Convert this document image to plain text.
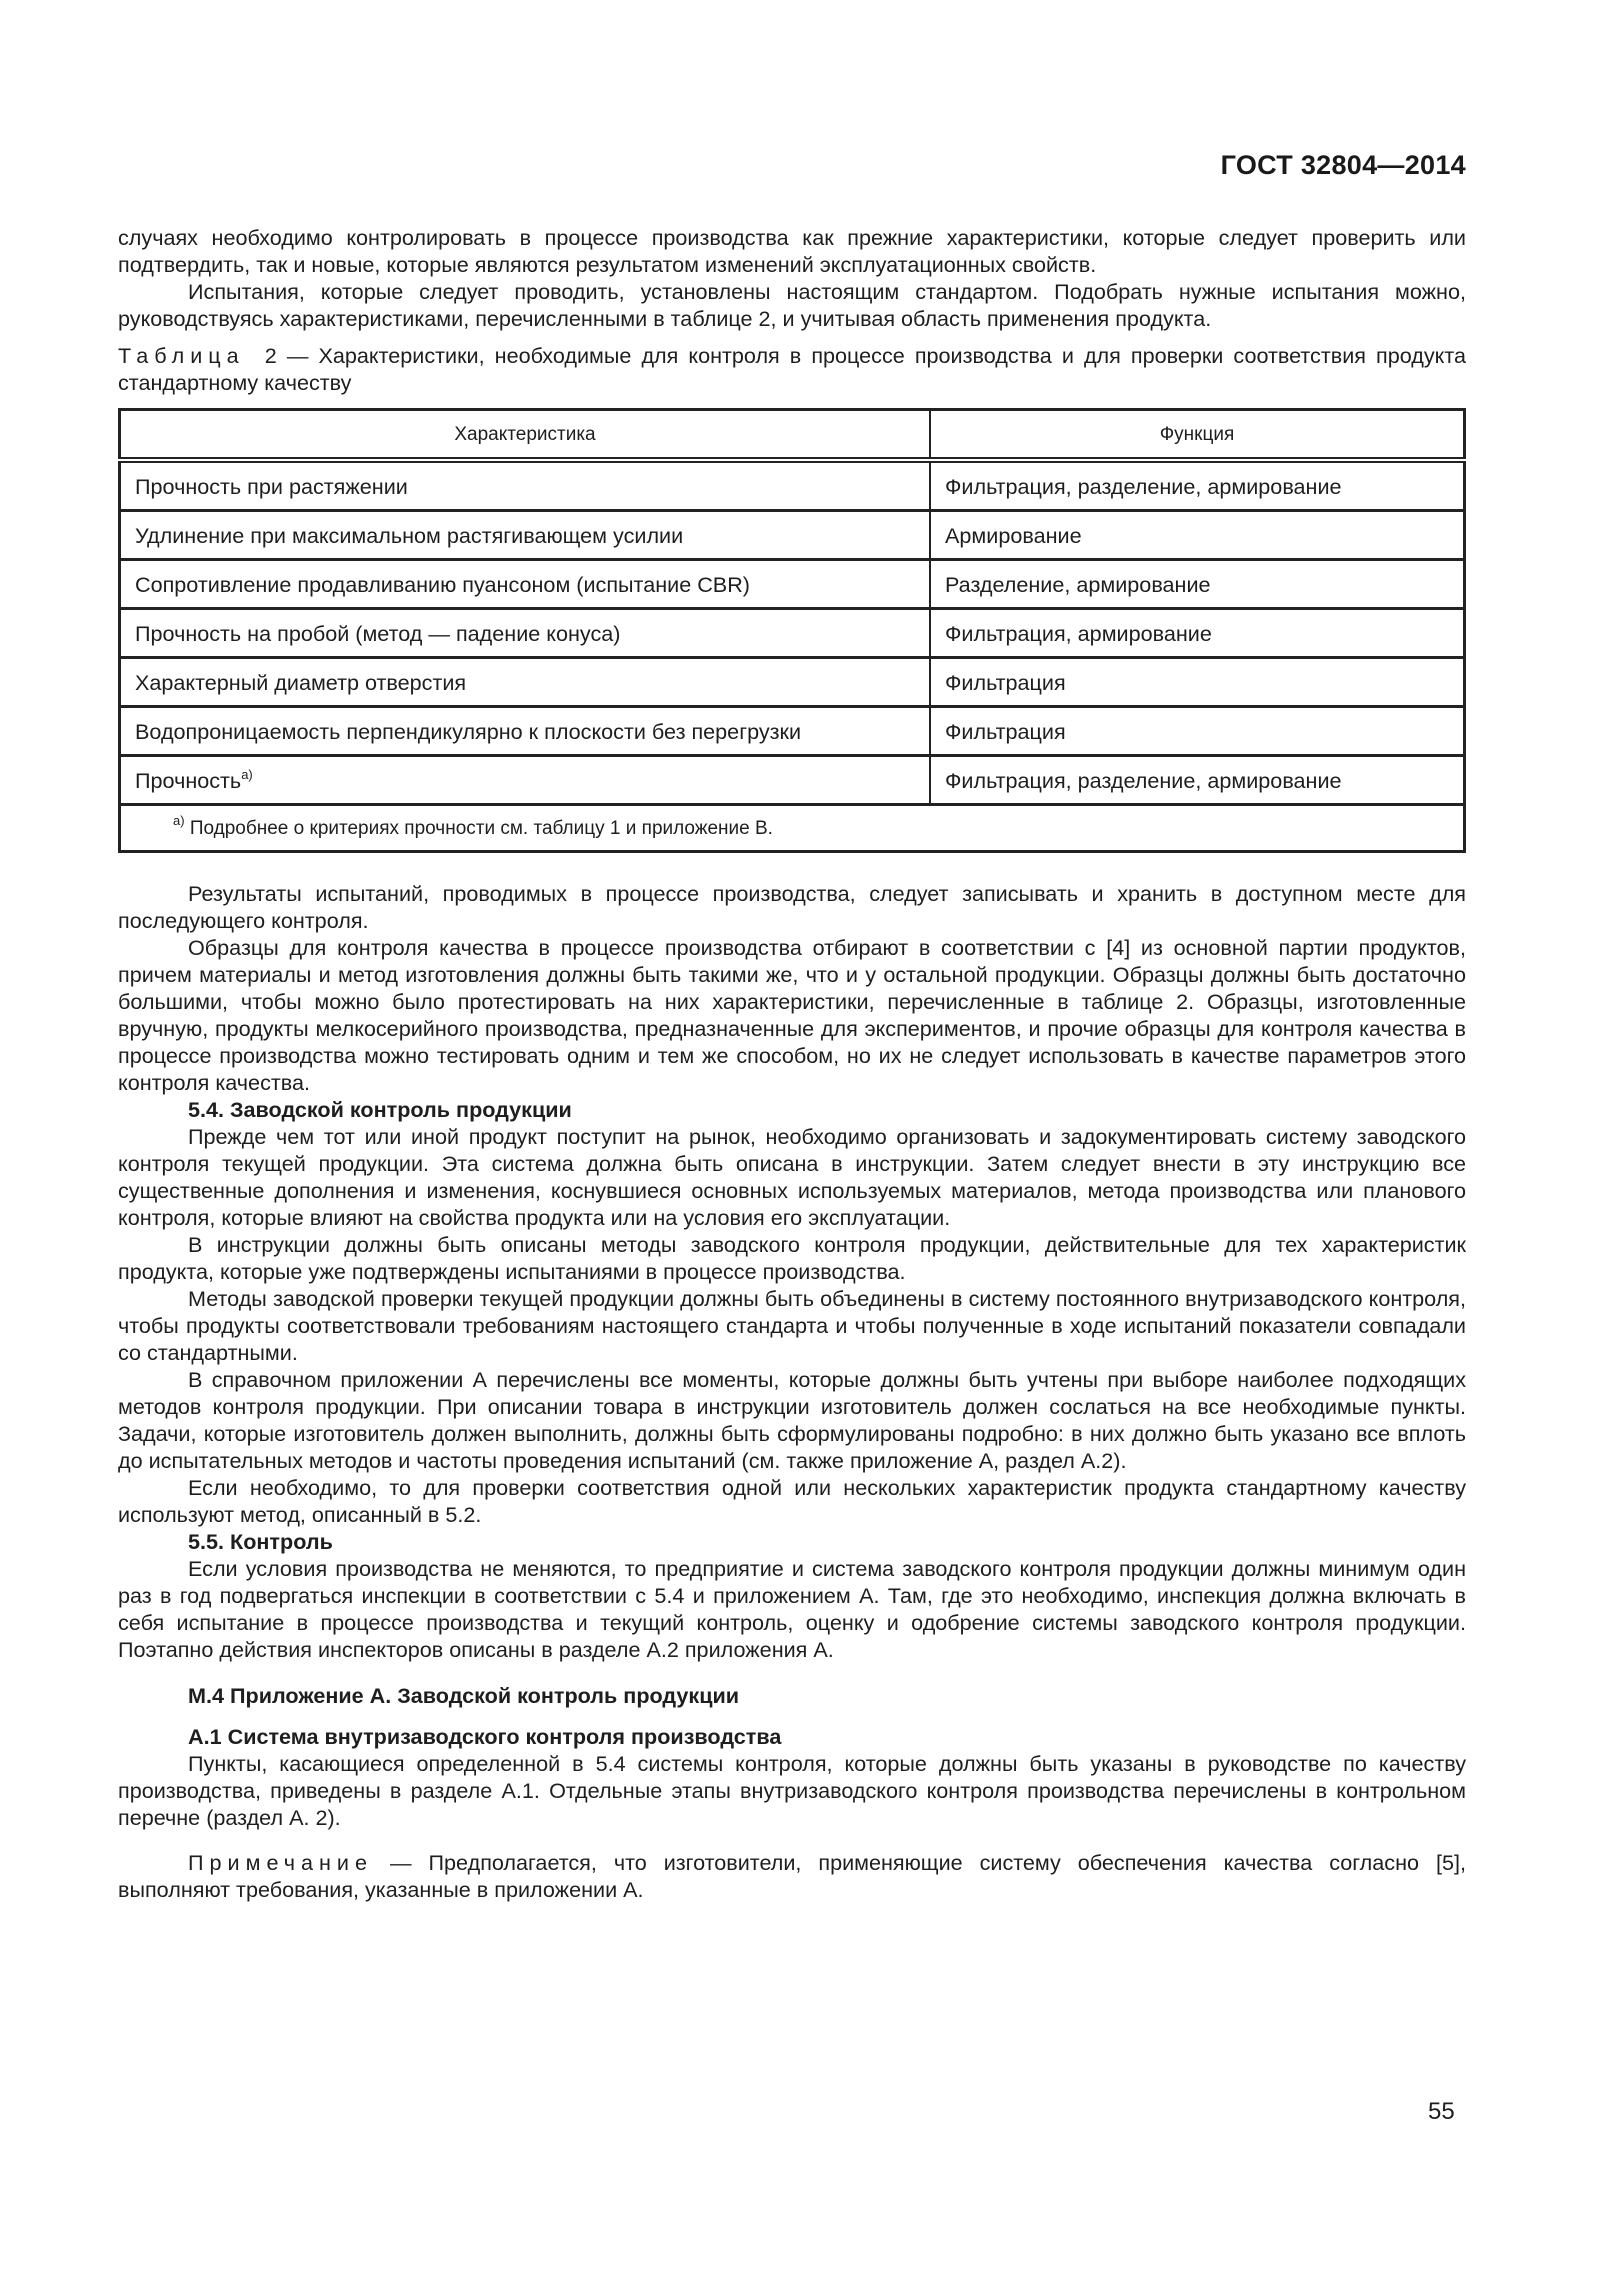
ГОСТ 32804—2014

случаях необходимо контролировать в процессе производства как прежние характеристики, которые следует проверить или подтвердить, так и новые, которые являются результатом изменений эксплуатационных свойств.

Испытания, которые следует проводить, установлены настоящим стандартом. Подобрать нужные испытания можно, руководствуясь характеристиками, перечисленными в таблице 2, и учитывая область применения продукта.

Таблица 2 — Характеристики, необходимые для контроля в процессе производства и для проверки соответствия продукта стандартному качеству
Характеристика	Функция
Прочность при растяжении	Фильтрация, разделение, армирование
Удлинение при максимальном растягивающем усилии	Армирование
Сопротивление продавливанию пуансоном (испытание CBR)	Разделение, армирование
Прочность на пробой (метод — падение конуса)	Фильтрация, армирование
Характерный диаметр отверстия	Фильтрация
Водопроницаемость перпендикулярно к плоскости без перегрузки	Фильтрация
Прочность$^{а)}$	Фильтрация, разделение, армирование
$^{а)}$ Подробнее о критериях прочности см. таблицу 1 и приложение В.	

Результаты испытаний, проводимых в процессе производства, следует записывать и хранить в доступном месте для последующего контроля.

Образцы для контроля качества в процессе производства отбирают в соответствии с [4] из основной партии продуктов, причем материалы и метод изготовления должны быть такими же, что и у остальной продукции. Образцы должны быть достаточно большими, чтобы можно было протестировать на них характеристики, перечисленные в таблице 2. Образцы, изготовленные вручную, продукты мелкосерийного производства, предназначенные для экспериментов, и прочие образцы для контроля качества в процессе производства можно тестировать одним и тем же способом, но их не следует использовать в качестве параметров этого контроля качества.

5.4. Заводской контроль продукции

Прежде чем тот или иной продукт поступит на рынок, необходимо организовать и задокументировать систему заводского контроля текущей продукции. Эта система должна быть описана в инструкции. Затем следует внести в эту инструкцию все существенные дополнения и изменения, коснувшиеся основных используемых материалов, метода производства или планового контроля, которые влияют на свойства продукта или на условия его эксплуатации.

В инструкции должны быть описаны методы заводского контроля продукции, действительные для тех характеристик продукта, которые уже подтверждены испытаниями в процессе производства.

Методы заводской проверки текущей продукции должны быть объединены в систему постоянного внутризаводского контроля, чтобы продукты соответствовали требованиям настоящего стандарта и чтобы полученные в ходе испытаний показатели совпадали со стандартными.

В справочном приложении А перечислены все моменты, которые должны быть учтены при выборе наиболее подходящих методов контроля продукции. При описании товара в инструкции изготовитель должен сослаться на все необходимые пункты. Задачи, которые изготовитель должен выполнить, должны быть сформулированы подробно: в них должно быть указано все вплоть до испытательных методов и частоты проведения испытаний (см. также приложение А, раздел А.2).

Если необходимо, то для проверки соответствия одной или нескольких характеристик продукта стандартному качеству используют метод, описанный в 5.2.

5.5. Контроль

Если условия производства не меняются, то предприятие и система заводского контроля продукции должны минимум один раз в год подвергаться инспекции в соответствии с 5.4 и приложением А. Там, где это необходимо, инспекция должна включать в себя испытание в процессе производства и текущий контроль, оценку и одобрение системы заводского контроля продукции. Поэтапно действия инспекторов описаны в разделе А.2 приложения А.

М.4 Приложение А. Заводской контроль продукции
А.1 Система внутризаводского контроля производства

Пункты, касающиеся определенной в 5.4 системы контроля, которые должны быть указаны в руководстве по качеству производства, приведены в разделе А.1. Отдельные этапы внутризаводского контроля производства перечислены в контрольном перечне (раздел А. 2).

Примечание — Предполагается, что изготовители, применяющие систему обеспечения качества согласно [5], выполняют требования, указанные в приложении А.

55
